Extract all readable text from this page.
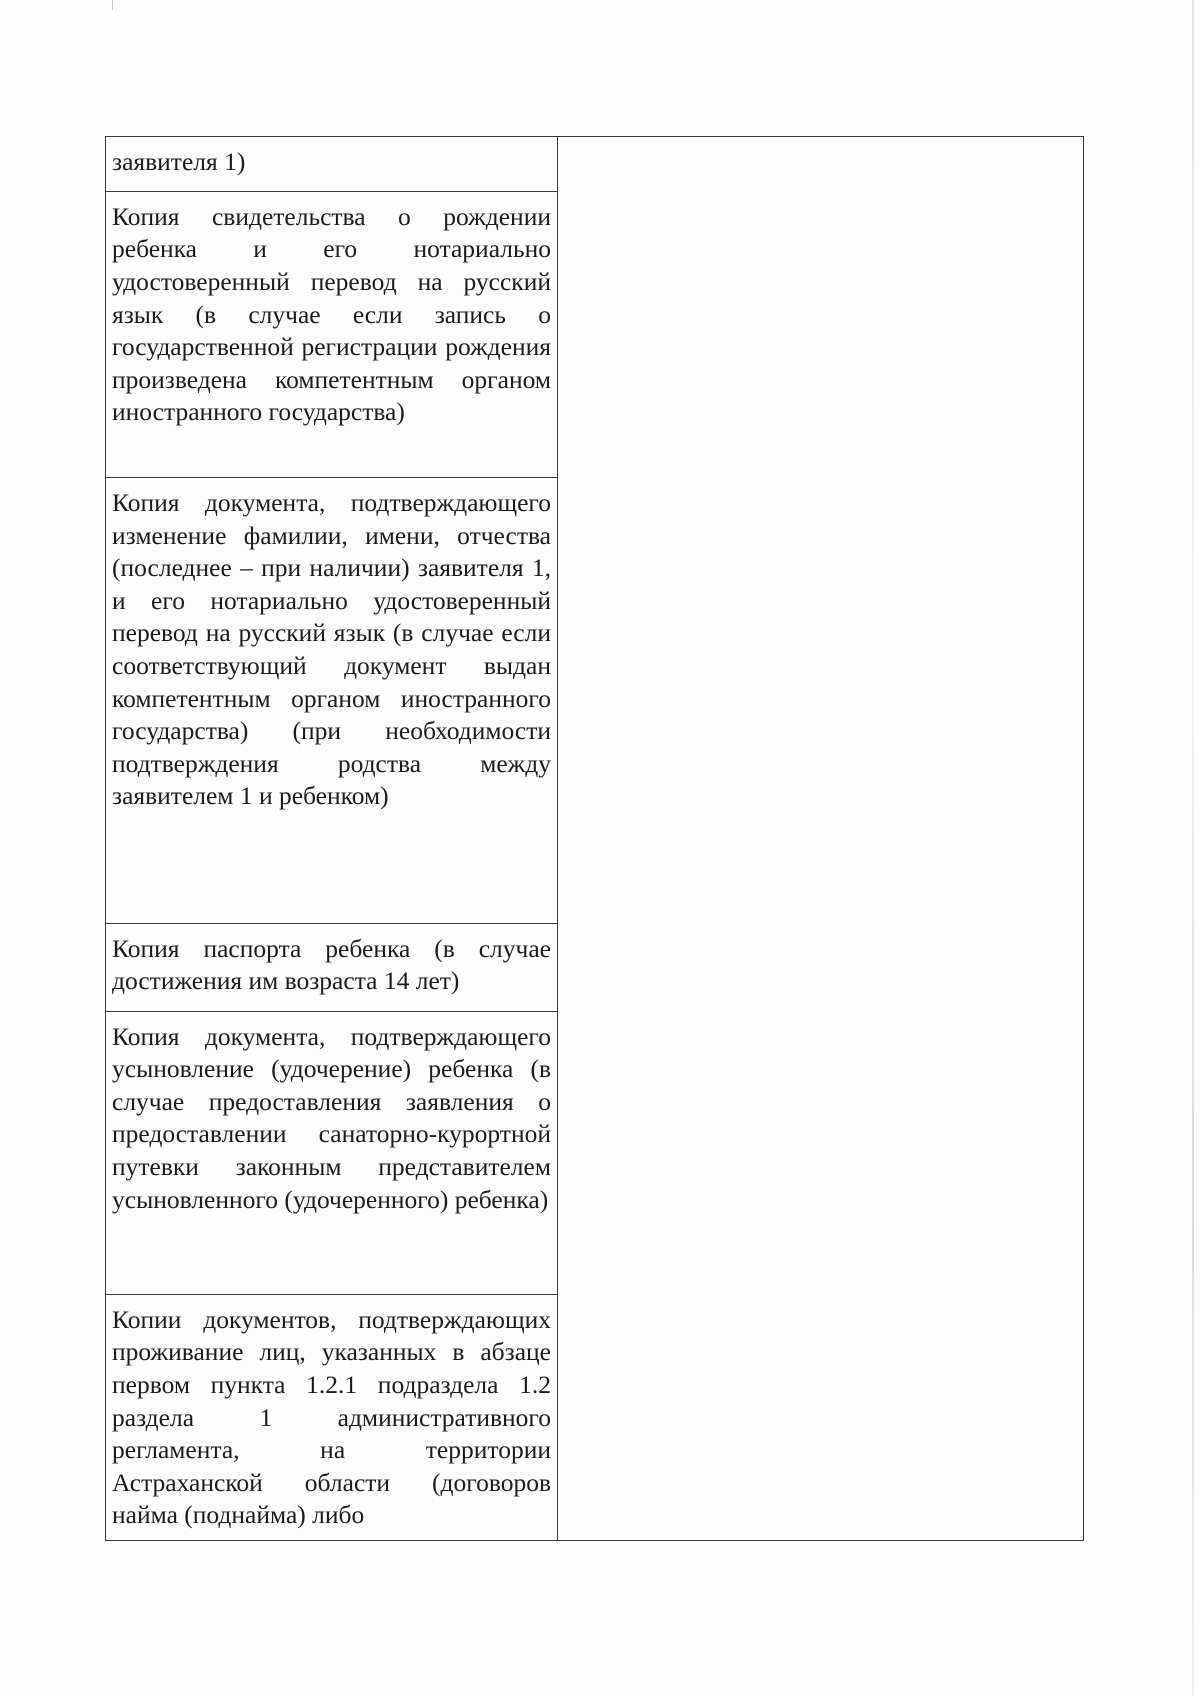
заявителя 1)
Копия свидетельства о рождении ребенка и его нотариально удостоверенный перевод на русский язык (в случае если запись о государственной регистрации рождения произведена компетентным органом иностранного государства)
Копия документа, подтверждающего изменение фамилии, имени, отчества (последнее – при наличии) заявителя 1, и его нотариально удостоверенный перевод на русский язык (в случае если соответствующий документ выдан компетентным органом иностранного государства) (при необходимости подтверждения родства между заявителем 1 и ребенком)
Копия паспорта ребенка (в случае достижения им возраста 14 лет)
Копия документа, подтверждающего усыновление (удочерение) ребенка (в случае предоставления заявления о предоставлении санаторно-курортной путевки законным представителем усыновленного (удочеренного) ребенка)
Копии документов, подтверждающих проживание лиц, указанных в абзаце первом пункта 1.2.1 подраздела 1.2 раздела 1 административного регламента, на территории Астраханской области (договоров найма (поднайма) либо
